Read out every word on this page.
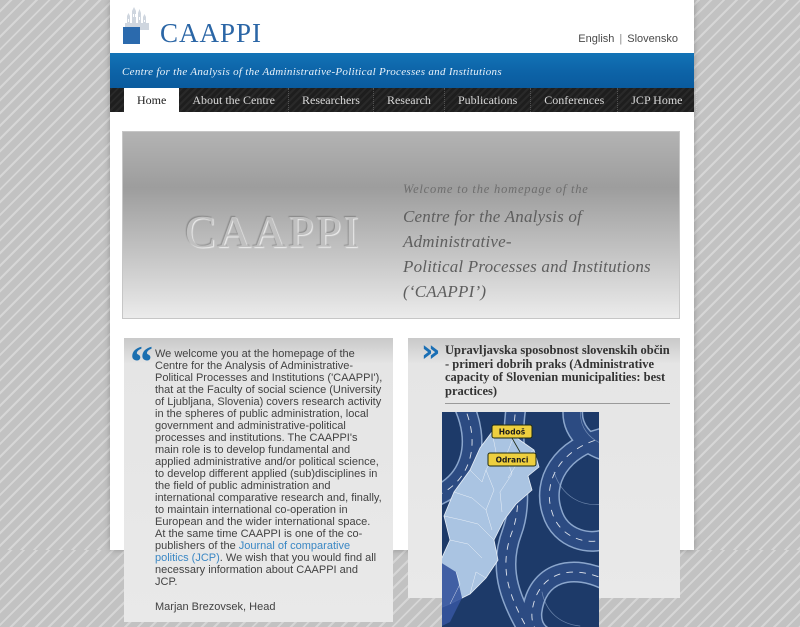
CAAPPI	English | Slovensko
Centre for the Analysis of the Administrative-Political Processes and Institutions
Home	About the Centre	Researchers	Research	Publications	Conferences	JCP Home
CAAPPI
Welcome to the homepage of the
Centre for the Analysis of Administrative-
Political Processes and Institutions (‘CAAPPI’)
“ We welcome you at the homepage of the Centre for the Analysis of Administrative-Political Processes and Institutions ('CAAPPI'), that at the Faculty of social science (University of Ljubljana, Slovenia) covers research activity in the spheres of public administration, local government and administrative-political processes and institutions. The CAAPPI's main role is to develop fundamental and applied administrative and/or political science, to develop different applied (sub)disciplines in the field of public administration and international comparative research and, finally, to maintain international co-operation in European and the wider international space. At the same time CAAPPI is one of the co-publishers of the Journal of comparative politics (JCP). We wish that you would find all necessary information about CAAPPI and JCP.

Marjan Brezovsek, Head

» Upravljavska sposobnost slovenskih občin - primeri dobrih praks (Administrative capacity of Slovenian municipalities: best practices)
Hodoš
Odranci
